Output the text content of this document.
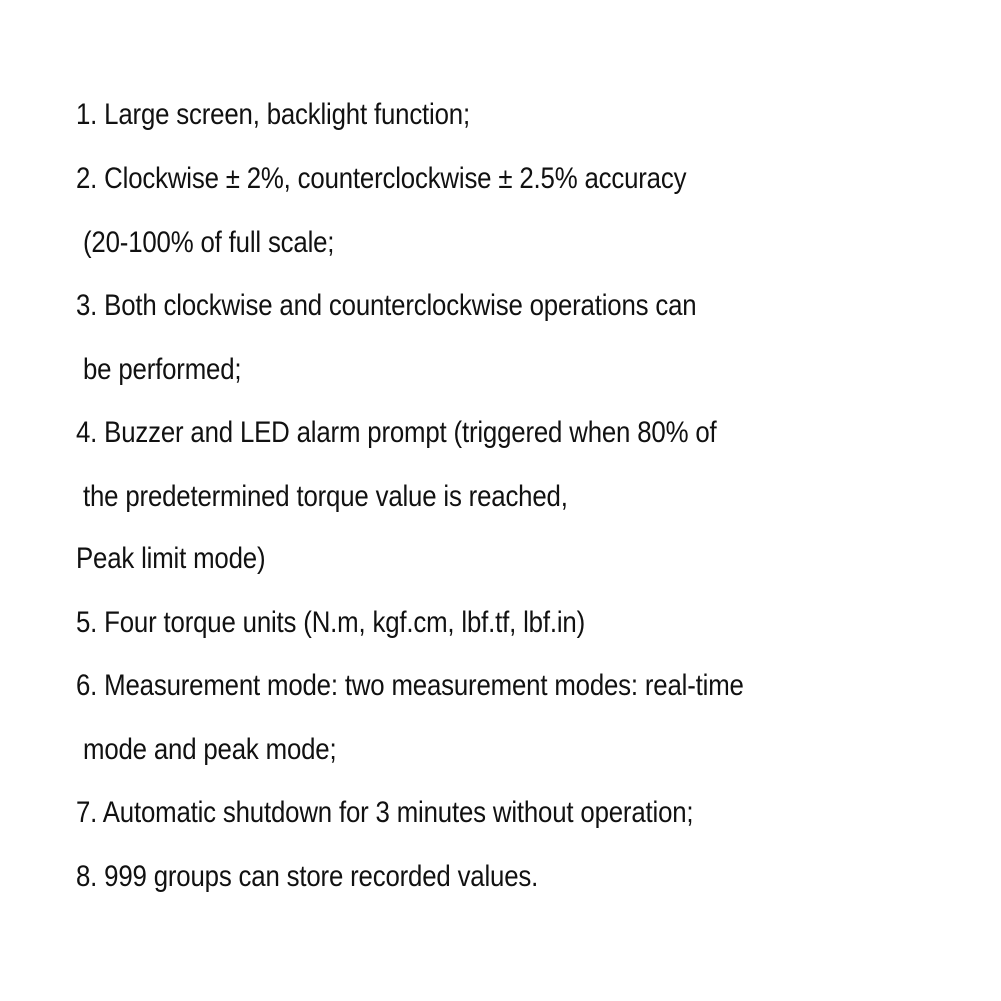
1. Large screen, backlight function;
2. Clockwise ± 2%, counterclockwise ± 2.5% accuracy
(20-100% of full scale;
3. Both clockwise and counterclockwise operations can
be performed;
4. Buzzer and LED alarm prompt (triggered when 80% of
the predetermined torque value is reached,
Peak limit mode)
5. Four torque units (N.m, kgf.cm, lbf.tf, lbf.in)
6. Measurement mode: two measurement modes: real-time
mode and peak mode;
7. Automatic shutdown for 3 minutes without operation;
8. 999 groups can store recorded values.
